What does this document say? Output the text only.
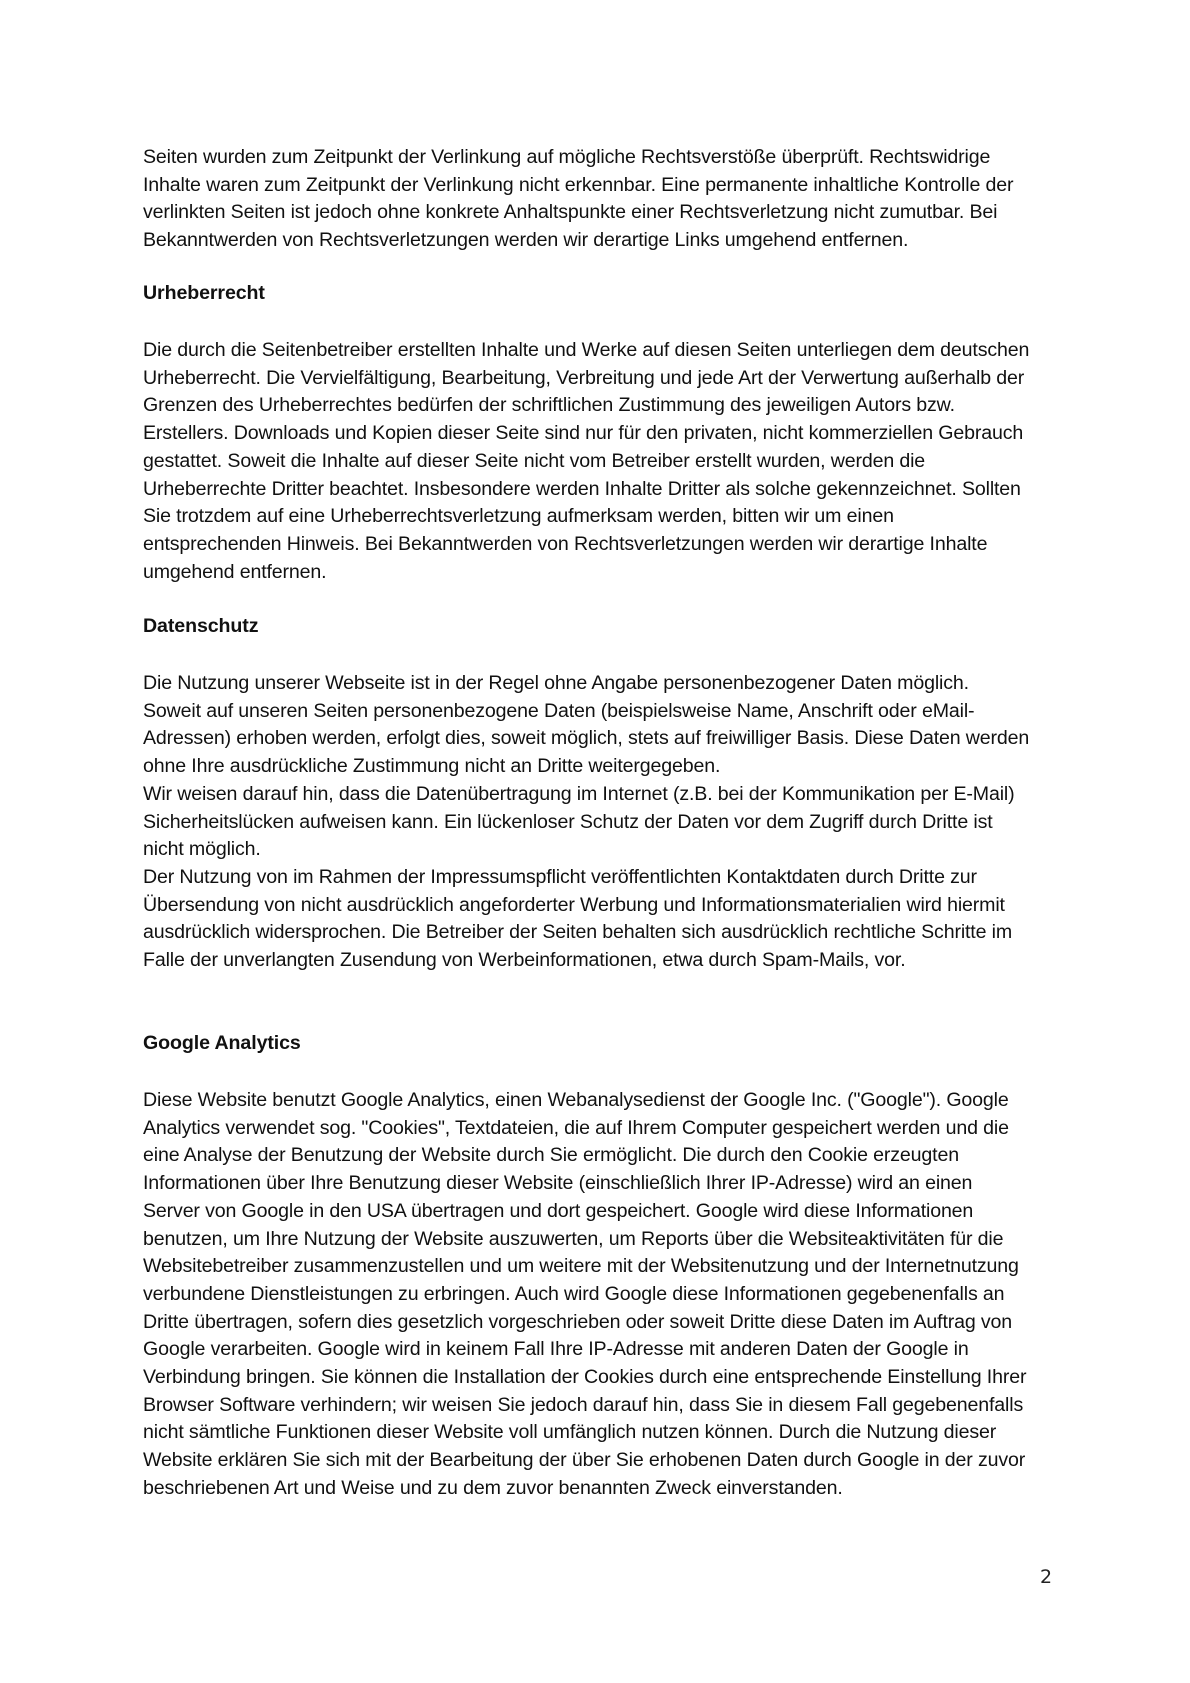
Seiten wurden zum Zeitpunkt der Verlinkung auf mögliche Rechtsverstöße überprüft. Rechtswidrige
Inhalte waren zum Zeitpunkt der Verlinkung nicht erkennbar. Eine permanente inhaltliche Kontrolle der
verlinkten Seiten ist jedoch ohne konkrete Anhaltspunkte einer Rechtsverletzung nicht zumutbar. Bei
Bekanntwerden von Rechtsverletzungen werden wir derartige Links umgehend entfernen.

Urheberrecht

Die durch die Seitenbetreiber erstellten Inhalte und Werke auf diesen Seiten unterliegen dem deutschen
Urheberrecht. Die Vervielfältigung, Bearbeitung, Verbreitung und jede Art der Verwertung außerhalb der
Grenzen des Urheberrechtes bedürfen der schriftlichen Zustimmung des jeweiligen Autors bzw.
Erstellers. Downloads und Kopien dieser Seite sind nur für den privaten, nicht kommerziellen Gebrauch
gestattet. Soweit die Inhalte auf dieser Seite nicht vom Betreiber erstellt wurden, werden die
Urheberrechte Dritter beachtet. Insbesondere werden Inhalte Dritter als solche gekennzeichnet. Sollten
Sie trotzdem auf eine Urheberrechtsverletzung aufmerksam werden, bitten wir um einen
entsprechenden Hinweis. Bei Bekanntwerden von Rechtsverletzungen werden wir derartige Inhalte
umgehend entfernen.

Datenschutz

Die Nutzung unserer Webseite ist in der Regel ohne Angabe personenbezogener Daten möglich.
Soweit auf unseren Seiten personenbezogene Daten (beispielsweise Name, Anschrift oder eMail-
Adressen) erhoben werden, erfolgt dies, soweit möglich, stets auf freiwilliger Basis. Diese Daten werden
ohne Ihre ausdrückliche Zustimmung nicht an Dritte weitergegeben.
Wir weisen darauf hin, dass die Datenübertragung im Internet (z.B. bei der Kommunikation per E-Mail)
Sicherheitslücken aufweisen kann. Ein lückenloser Schutz der Daten vor dem Zugriff durch Dritte ist
nicht möglich.
Der Nutzung von im Rahmen der Impressumspflicht veröffentlichten Kontaktdaten durch Dritte zur
Übersendung von nicht ausdrücklich angeforderter Werbung und Informationsmaterialien wird hiermit
ausdrücklich widersprochen. Die Betreiber der Seiten behalten sich ausdrücklich rechtliche Schritte im
Falle der unverlangten Zusendung von Werbeinformationen, etwa durch Spam-Mails, vor.

Google Analytics

Diese Website benutzt Google Analytics, einen Webanalysedienst der Google Inc. ("Google"). Google
Analytics verwendet sog. "Cookies", Textdateien, die auf Ihrem Computer gespeichert werden und die
eine Analyse der Benutzung der Website durch Sie ermöglicht. Die durch den Cookie erzeugten
Informationen über Ihre Benutzung dieser Website (einschließlich Ihrer IP-Adresse) wird an einen
Server von Google in den USA übertragen und dort gespeichert. Google wird diese Informationen
benutzen, um Ihre Nutzung der Website auszuwerten, um Reports über die Websiteaktivitäten für die
Websitebetreiber zusammenzustellen und um weitere mit der Websitenutzung und der Internetnutzung
verbundene Dienstleistungen zu erbringen. Auch wird Google diese Informationen gegebenenfalls an
Dritte übertragen, sofern dies gesetzlich vorgeschrieben oder soweit Dritte diese Daten im Auftrag von
Google verarbeiten. Google wird in keinem Fall Ihre IP-Adresse mit anderen Daten der Google in
Verbindung bringen. Sie können die Installation der Cookies durch eine entsprechende Einstellung Ihrer
Browser Software verhindern; wir weisen Sie jedoch darauf hin, dass Sie in diesem Fall gegebenenfalls
nicht sämtliche Funktionen dieser Website voll umfänglich nutzen können. Durch die Nutzung dieser
Website erklären Sie sich mit der Bearbeitung der über Sie erhobenen Daten durch Google in der zuvor
beschriebenen Art und Weise und zu dem zuvor benannten Zweck einverstanden.

2
